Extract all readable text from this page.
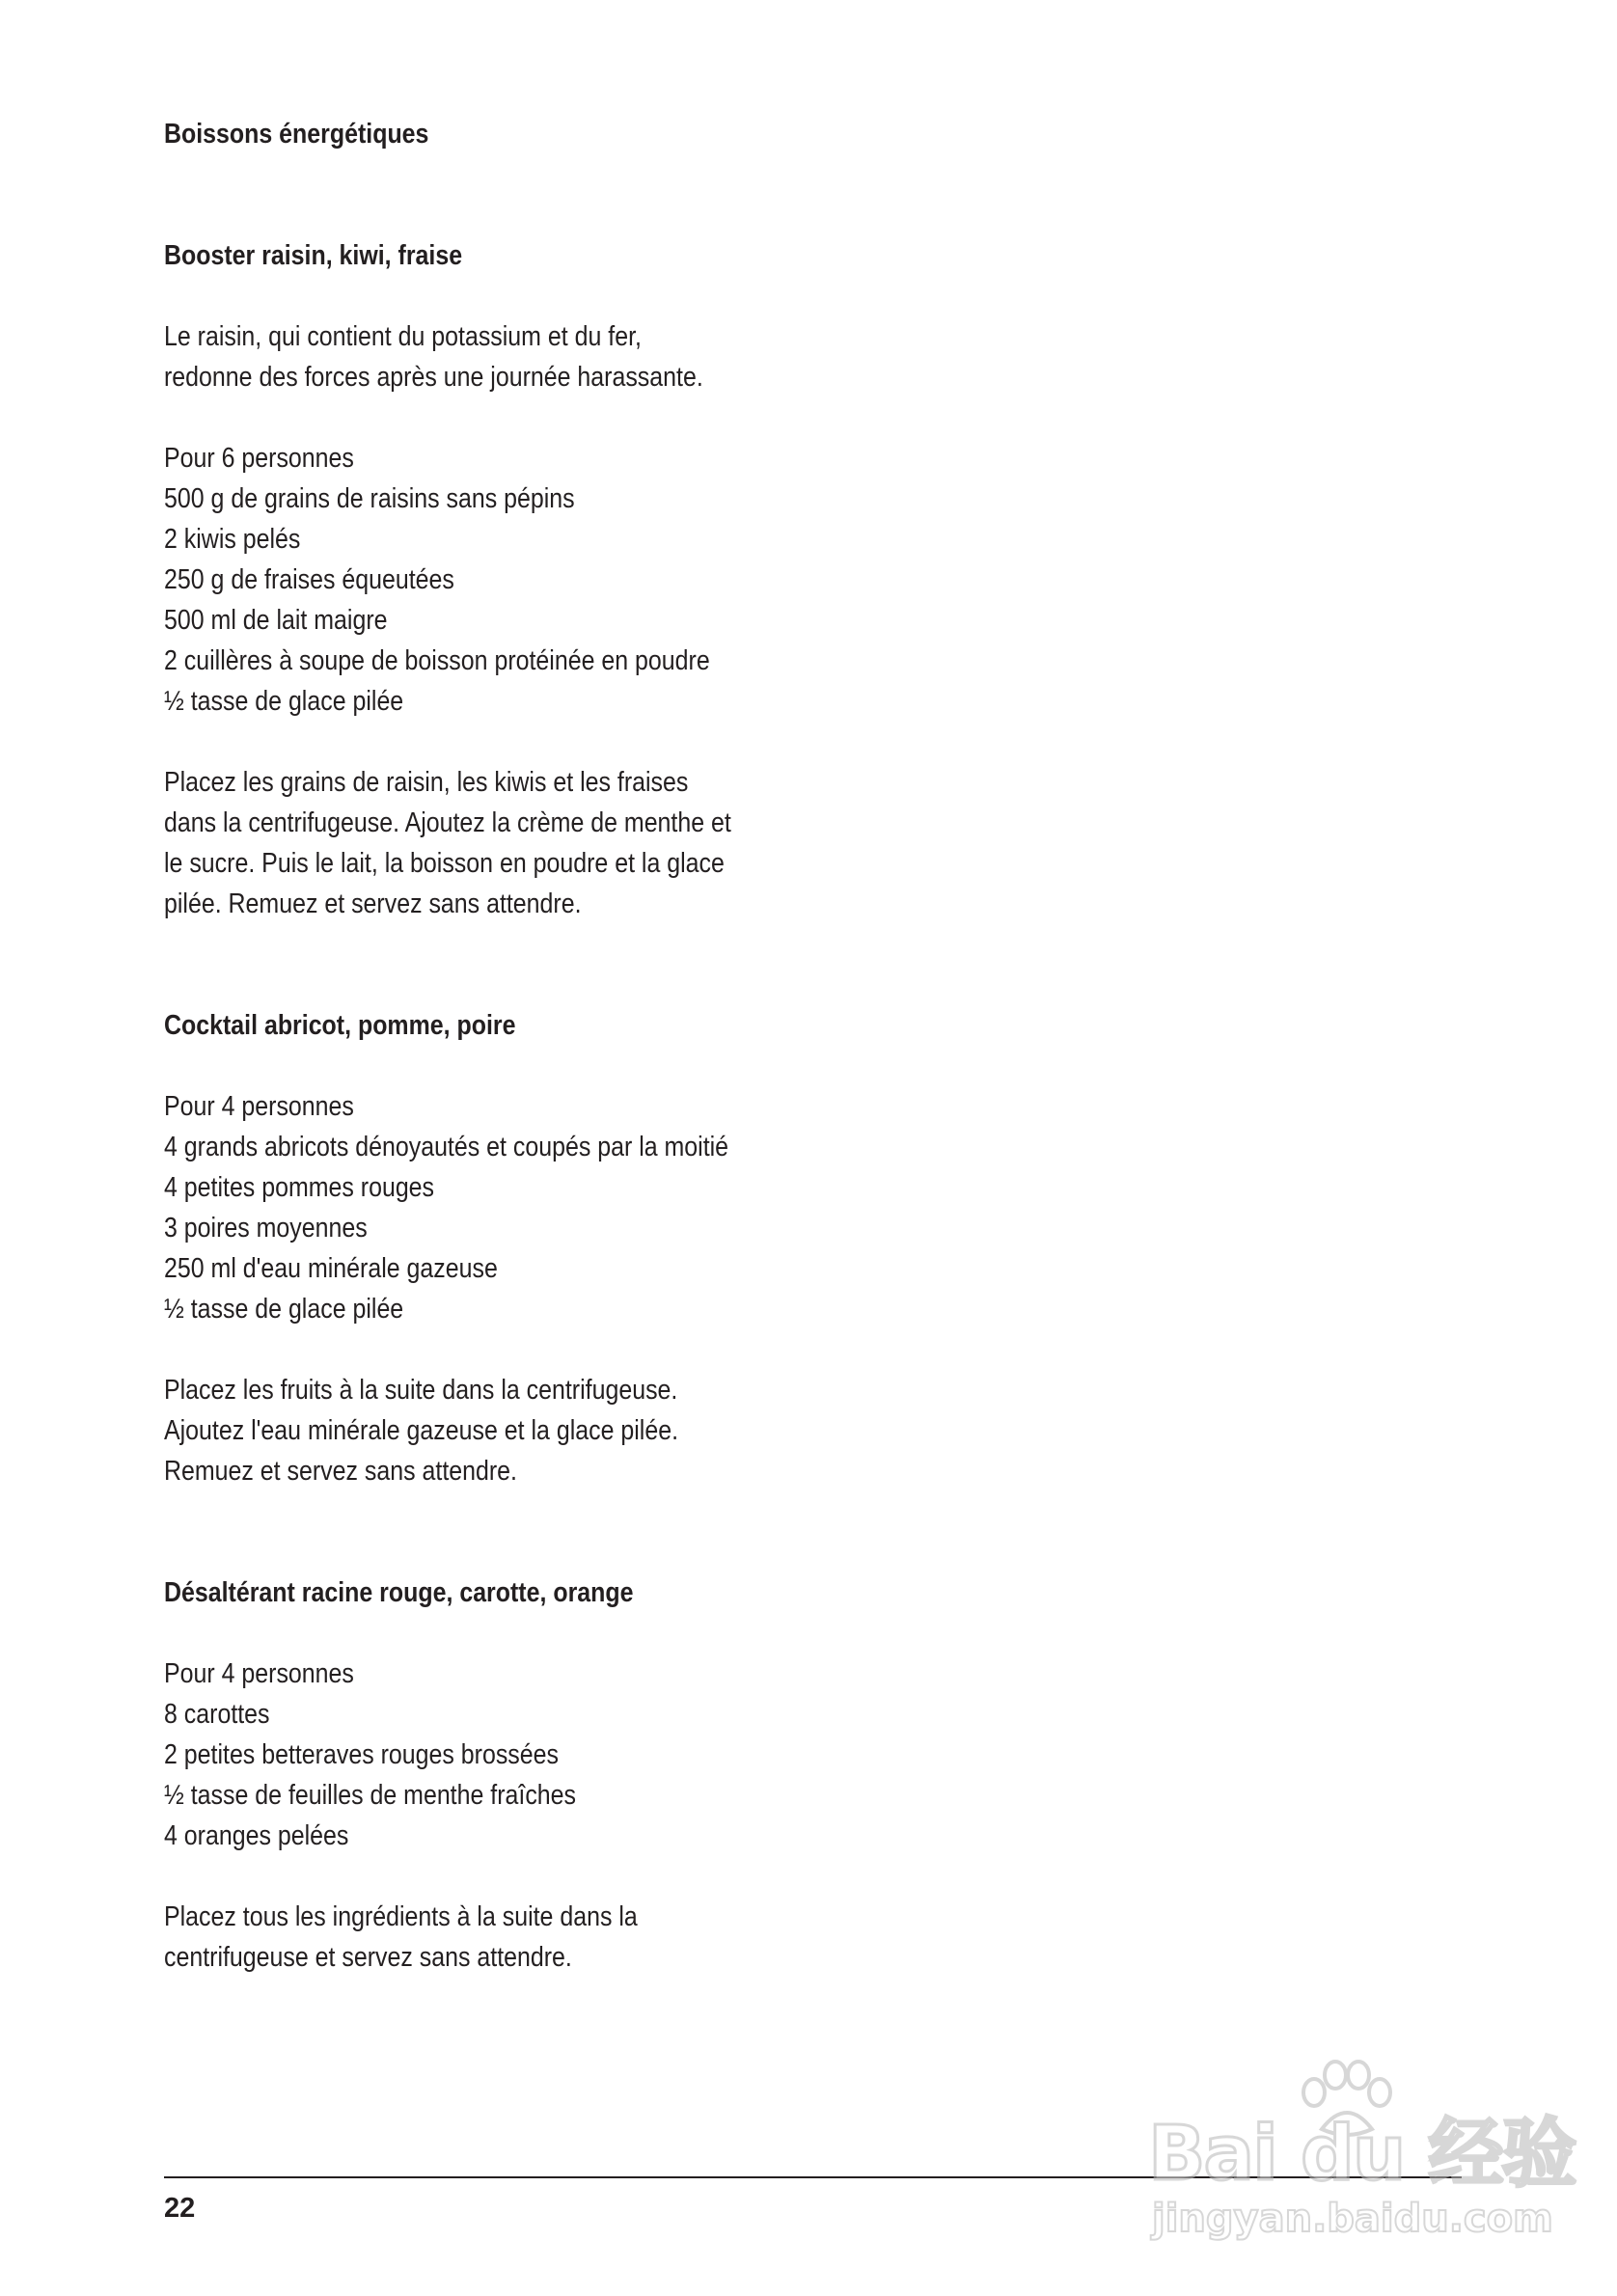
Boissons énergétiques
Booster raisin, kiwi, fraise
Le raisin, qui contient du potassium et du fer,
redonne des forces après une journée harassante.
Pour 6 personnes
500 g de grains de raisins sans pépins
2 kiwis pelés
250 g de fraises équeutées
500 ml de lait maigre
2 cuillères à soupe de boisson protéinée en poudre
½ tasse de glace pilée
Placez les grains de raisin, les kiwis et les fraises
dans la centrifugeuse. Ajoutez la crème de menthe et
le sucre. Puis le lait, la boisson en poudre et la glace
pilée. Remuez et servez sans attendre.
Cocktail abricot, pomme, poire
Pour 4 personnes
4 grands abricots dénoyautés et coupés par la moitié
4 petites pommes rouges
3 poires moyennes
250 ml d'eau minérale gazeuse
½ tasse de glace pilée
Placez les fruits à la suite dans la centrifugeuse.
Ajoutez l'eau minérale gazeuse et la glace pilée.
Remuez et servez sans attendre.
Désaltérant racine rouge, carotte, orange
Pour 4 personnes
8 carottes
2 petites betteraves rouges brossées
½ tasse de feuilles de menthe fraîches
4 oranges pelées
Placez tous les ingrédients à la suite dans la
centrifugeuse et servez sans attendre.
22
Bai du 经验
jingyan.baidu.com
